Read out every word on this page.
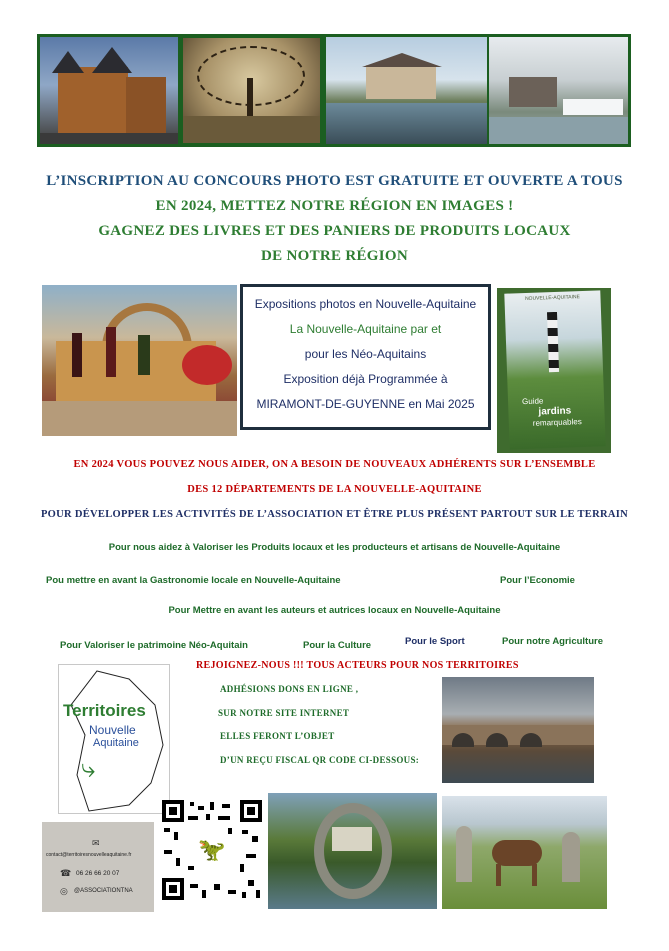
L’INSCRIPTION AU CONCOURS PHOTO EST GRATUITE ET OUVERTE A TOUS
EN 2024, METTEZ NOTRE RÉGION EN IMAGES !
GAGNEZ DES LIVRES ET DES PANIERS DE PRODUITS LOCAUX
DE NOTRE RÉGION
Expositions photos en Nouvelle-Aquitaine
La Nouvelle-Aquitaine par et
pour les Néo-Aquitains
Exposition déjà Programmée à
MIRAMONT-DE-GUYENNE en Mai 2025
NOUVELLE-AQUITAINE
Guide
jardins
remarquables
EN 2024 VOUS POUVEZ NOUS AIDER, ON A BESOIN DE NOUVEAUX ADHÉRENTS SUR L’ENSEMBLE
DES 12 DÉPARTEMENTS DE LA NOUVELLE-AQUITAINE
POUR DÉVELOPPER LES ACTIVITÉS DE L’ASSOCIATION ET ÊTRE PLUS PRÉSENT PARTOUT SUR LE TERRAIN
Pour nous aidez à Valoriser les Produits locaux et les producteurs et artisans de Nouvelle-Aquitaine
Pou mettre en avant la Gastronomie locale en Nouvelle-Aquitaine	Pour l’Economie
Pour Mettre en avant les auteurs et autrices locaux en Nouvelle-Aquitaine
Pour Valoriser le patrimoine Néo-Aquitain	Pour la Culture	Pour le Sport	Pour notre Agriculture
Territoires
Nouvelle
Aquitaine
⤷
REJOIGNEZ-NOUS !!! TOUS ACTEURS POUR NOS TERRITOIRES
ADHÉSIONS DONS EN LIGNE ,
SUR NOTRE SITE INTERNET
ELLES FERONT L’OBJET
D’UN REÇU FISCAL QR CODE CI-DESSOUS:
✉
contact@territoiresnouvelleaquitaine.fr
☎ 06 26 66 20 07
◎ @ASSOCIATIONTNA
🦖
